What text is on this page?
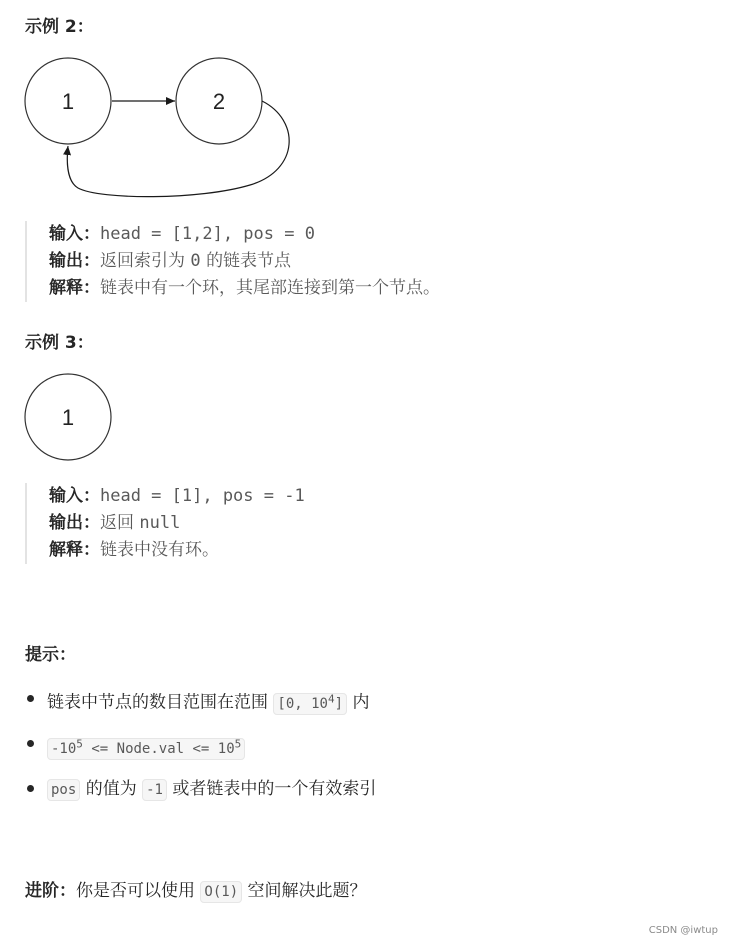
示例 2：
1	2
输入：head = [1,2], pos = 0
输出：返回索引为 0 的链表节点
解释：链表中有一个环，其尾部连接到第一个节点。
示例 3：
1
输入：head = [1], pos = -1
输出：返回 null
解释：链表中没有环。
提示：
链表中节点的数目范围在范围 [0, $10^4$] 内
$-10^5$ <= Node.val <= $10^5$
pos 的值为 -1 或者链表中的一个有效索引
进阶：你是否可以使用 O(1) 空间解决此题？
CSDN @iwtup
